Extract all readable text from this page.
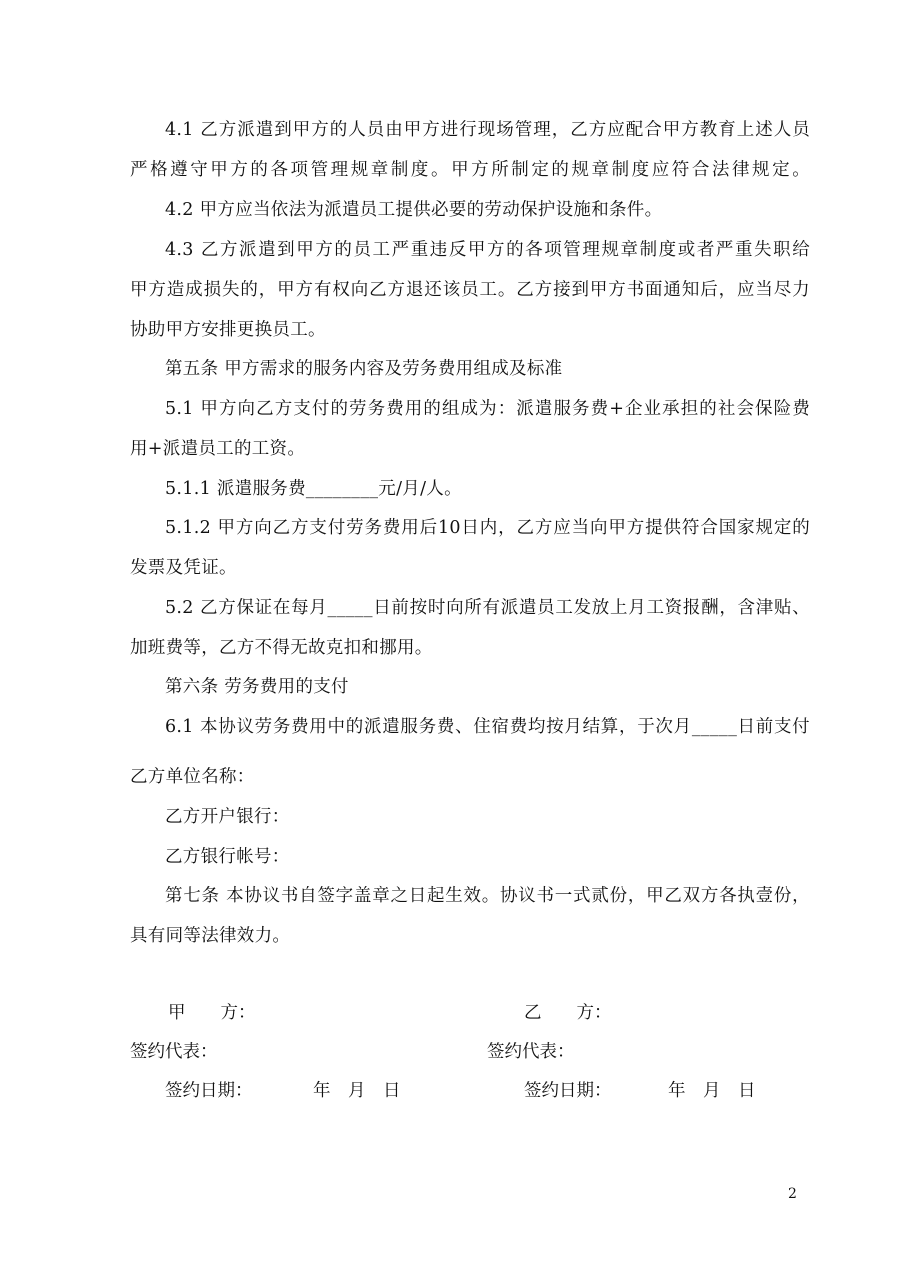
4.1 乙方派遣到甲方的人员由甲方进行现场管理，乙方应配合甲方教育上述人员
严格遵守甲方的各项管理规章制度。甲方所制定的规章制度应符合法律规定。
4.2 甲方应当依法为派遣员工提供必要的劳动保护设施和条件。
4.3 乙方派遣到甲方的员工严重违反甲方的各项管理规章制度或者严重失职给
甲方造成损失的，甲方有权向乙方退还该员工。乙方接到甲方书面通知后，应当尽力
协助甲方安排更换员工。
第五条 甲方需求的服务内容及劳务费用组成及标准
5.1 甲方向乙方支付的劳务费用的组成为：派遣服务费+企业承担的社会保险费
用+派遣员工的工资。
5.1.1 派遣服务费________元/月/人。
5.1.2 甲方向乙方支付劳务费用后10日内，乙方应当向甲方提供符合国家规定的
发票及凭证。
5.2 乙方保证在每月_____日前按时向所有派遣员工发放上月工资报酬，含津贴、
加班费等，乙方不得无故克扣和挪用。
第六条 劳务费用的支付
6.1 本协议劳务费用中的派遣服务费、住宿费均按月结算，于次月_____日前支付
乙方单位名称：
乙方开户银行：
乙方银行帐号：
第七条 本协议书自签字盖章之日起生效。协议书一式贰份，甲乙双方各执壹份，
具有同等法律效力。
甲　　方：	乙　　方：
签约代表：	签约代表：
签约日期：	年　月　日	签约日期：	年　月　日
2
